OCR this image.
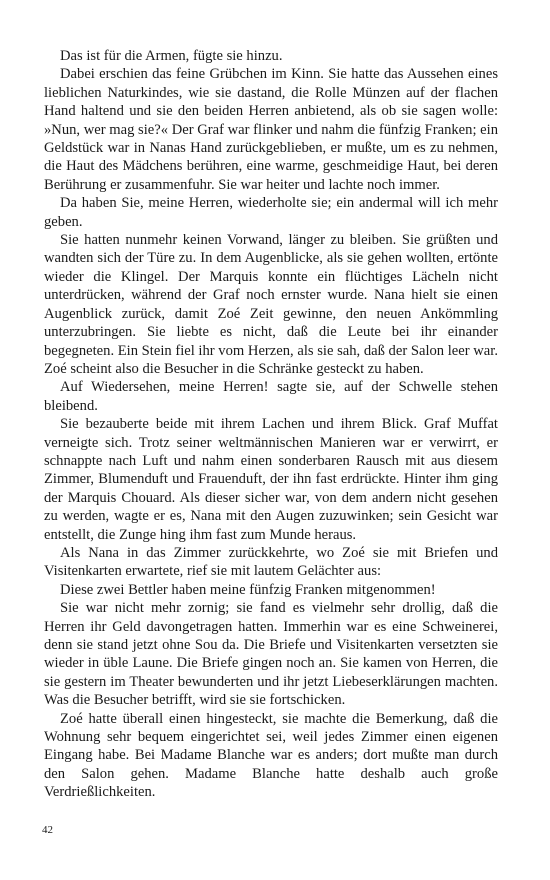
Das ist für die Armen, fügte sie hinzu.

Dabei erschien das feine Grübchen im Kinn. Sie hatte das Aussehen eines lieblichen Naturkindes, wie sie dastand, die Rolle Münzen auf der flachen Hand haltend und sie den beiden Herren anbietend, als ob sie sagen wolle: »Nun, wer mag sie?« Der Graf war flinker und nahm die fünfzig Franken; ein Geldstück war in Nanas Hand zurückgeblieben, er mußte, um es zu nehmen, die Haut des Mädchens berühren, eine warme, geschmeidige Haut, bei deren Berührung er zusammenfuhr. Sie war heiter und lachte noch immer.

Da haben Sie, meine Herren, wiederholte sie; ein andermal will ich mehr geben.

Sie hatten nunmehr keinen Vorwand, länger zu bleiben. Sie grüßten und wandten sich der Türe zu. In dem Augenblicke, als sie gehen wollten, ertönte wieder die Klingel. Der Marquis konnte ein flüchtiges Lächeln nicht unterdrücken, während der Graf noch ernster wurde. Nana hielt sie einen Augenblick zurück, damit Zoé Zeit gewinne, den neuen Ankömmling unterzubringen. Sie liebte es nicht, daß die Leute bei ihr einander begegneten. Ein Stein fiel ihr vom Herzen, als sie sah, daß der Salon leer war. Zoé scheint also die Besucher in die Schränke gesteckt zu haben.

Auf Wiedersehen, meine Herren! sagte sie, auf der Schwelle stehen bleibend.

Sie bezauberte beide mit ihrem Lachen und ihrem Blick. Graf Muffat verneigte sich. Trotz seiner weltmännischen Manieren war er verwirrt, er schnappte nach Luft und nahm einen sonderbaren Rausch mit aus diesem Zimmer, Blumenduft und Frauenduft, der ihn fast erdrückte. Hinter ihm ging der Marquis Chouard. Als dieser sicher war, von dem andern nicht gesehen zu werden, wagte er es, Nana mit den Augen zuzuwinken; sein Gesicht war entstellt, die Zunge hing ihm fast zum Munde heraus.

Als Nana in das Zimmer zurückkehrte, wo Zoé sie mit Briefen und Visitenkarten erwartete, rief sie mit lautem Gelächter aus:

Diese zwei Bettler haben meine fünfzig Franken mitgenommen!

Sie war nicht mehr zornig; sie fand es vielmehr sehr drollig, daß die Herren ihr Geld davongetragen hatten. Immerhin war es eine Schweinerei, denn sie stand jetzt ohne Sou da. Die Briefe und Visitenkarten versetzten sie wieder in üble Laune. Die Briefe gingen noch an. Sie kamen von Herren, die sie gestern im Theater bewunderten und ihr jetzt Liebeserklärungen machten. Was die Besucher betrifft, wird sie sie fortschicken.

Zoé hatte überall einen hingesteckt, sie machte die Bemerkung, daß die Wohnung sehr bequem eingerichtet sei, weil jedes Zimmer einen eigenen Eingang habe. Bei Madame Blanche war es anders; dort mußte man durch den Salon gehen. Madame Blanche hatte deshalb auch große Verdrießlichkeiten.

42
